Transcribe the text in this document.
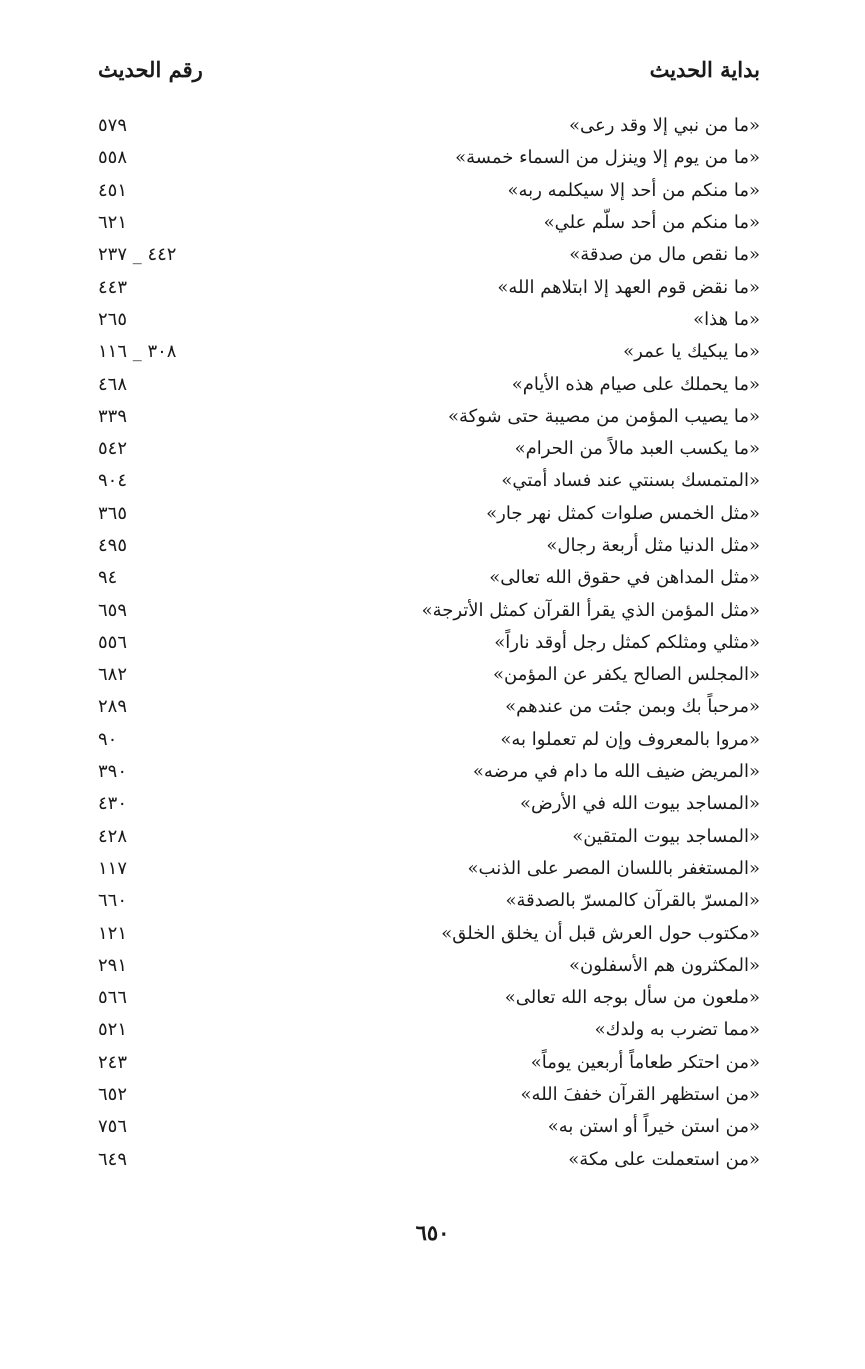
بداية الحديث
رقم الحديث
«ما من نبي إلا وقد رعى»
٥٧٩
«ما من يوم إلا وينزل من السماء خمسة»
٥٥٨
«ما منكم من أحد إلا سيكلمه ربه»
٤٥١
«ما منكم من أحد سلّم علي»
٦٢١
«ما نقص مال من صدقة»
٤٤٢ _ ٢٣٧
«ما نقض قوم العهد إلا ابتلاهم الله»
٤٤٣
«ما هذا»
٢٦٥
«ما يبكيك يا عمر»
٣٠٨ _ ١١٦
«ما يحملك على صيام هذه الأيام»
٤٦٨
«ما يصيب المؤمن من مصيبة حتى شوكة»
٣٣٩
«ما يكسب العبد مالاً من الحرام»
٥٤٢
«المتمسك بسنتي عند فساد أمتي»
٩٠٤
«مثل الخمس صلوات كمثل نهر جار»
٣٦٥
«مثل الدنيا مثل أربعة رجال»
٤٩٥
«مثل المداهن في حقوق الله تعالى»
٩٤
«مثل المؤمن الذي يقرأ القرآن كمثل الأترجة»
٦٥٩
«مثلي ومثلكم كمثل رجل أوقد ناراً»
٥٥٦
«المجلس الصالح يكفر عن المؤمن»
٦٨٢
«مرحباً بك وبمن جئت من عندهم»
٢٨٩
«مروا بالمعروف وإن لم تعملوا به»
٩٠
«المريض ضيف الله ما دام في مرضه»
٣٩٠
«المساجد بيوت الله في الأرض»
٤٣٠
«المساجد بيوت المتقين»
٤٢٨
«المستغفر باللسان المصر على الذنب»
١١٧
«المسرّ بالقرآن كالمسرّ بالصدقة»
٦٦٠
«مكتوب حول العرش قبل أن يخلق الخلق»
١٢١
«المكثرون هم الأسفلون»
٢٩١
«ملعون من سأل بوجه الله تعالى»
٥٦٦
«مما تضرب به ولدك»
٥٢١
«من احتكر طعاماً أربعين يوماً»
٢٤٣
«من استظهر القرآن خففَ الله»
٦٥٢
«من استن خيراً أو استن به»
٧٥٦
«من استعملت على مكة»
٦٤٩
٦٥٠
